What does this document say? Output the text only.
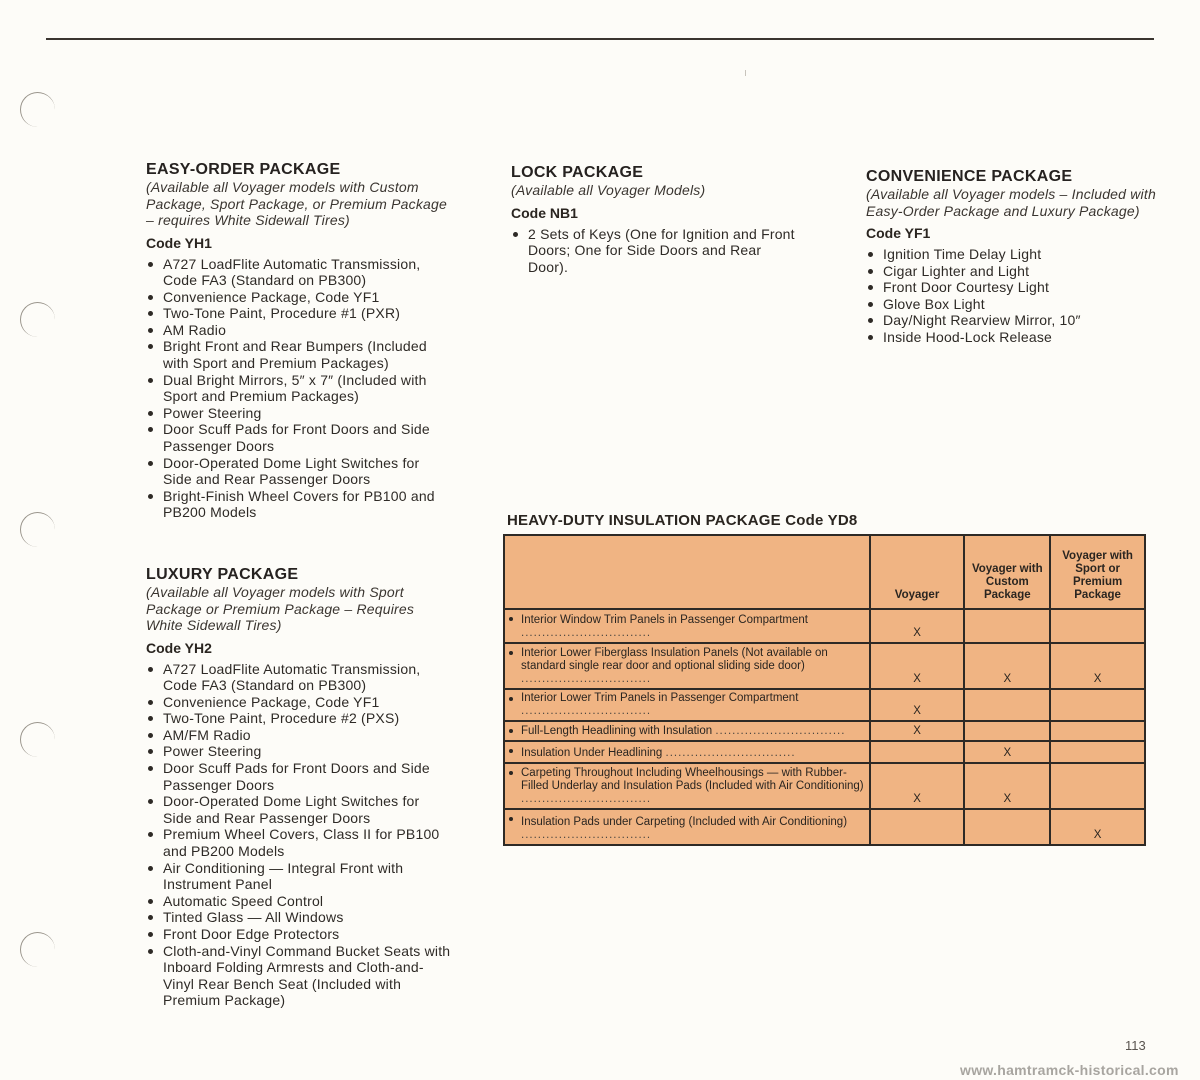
EASY-ORDER PACKAGE

(Available all Voyager models with Custom Package, Sport Package, or Premium Package – requires White Sidewall Tires)

Code YH1

A727 LoadFlite Automatic Transmission, Code FA3 (Standard on PB300)
Convenience Package, Code YF1
Two-Tone Paint, Procedure #1 (PXR)
AM Radio
Bright Front and Rear Bumpers (Included with Sport and Premium Packages)
Dual Bright Mirrors, 5″ x 7″ (Included with Sport and Premium Packages)
Power Steering
Door Scuff Pads for Front Doors and Side Passenger Doors
Door-Operated Dome Light Switches for Side and Rear Passenger Doors
Bright-Finish Wheel Covers for PB100 and PB200 Models
LUXURY PACKAGE

(Available all Voyager models with Sport Package or Premium Package – Requires White Sidewall Tires)

Code YH2

A727 LoadFlite Automatic Transmission, Code FA3 (Standard on PB300)
Convenience Package, Code YF1
Two-Tone Paint, Procedure #2 (PXS)
AM/FM Radio
Power Steering
Door Scuff Pads for Front Doors and Side Passenger Doors
Door-Operated Dome Light Switches for Side and Rear Passenger Doors
Premium Wheel Covers, Class II for PB100 and PB200 Models
Air Conditioning — Integral Front with Instrument Panel
Automatic Speed Control
Tinted Glass — All Windows
Front Door Edge Protectors
Cloth-and-Vinyl Command Bucket Seats with Inboard Folding Armrests and Cloth-and-Vinyl Rear Bench Seat (Included with Premium Package)
LOCK PACKAGE

(Available all Voyager Models)

Code NB1

2 Sets of Keys (One for Ignition and Front Doors; One for Side Doors and Rear Door).
CONVENIENCE PACKAGE

(Available all Voyager models – Included with Easy-Order Package and Luxury Package)

Code YF1

Ignition Time Delay Light
Cigar Lighter and Light
Front Door Courtesy Light
Glove Box Light
Day/Night Rearview Mirror, 10″
Inside Hood-Lock Release
HEAVY-DUTY INSULATION PACKAGE Code YD8
	Voyager	Voyager with Custom Package	Voyager with Sport or Premium Package
Interior Window Trim Panels in Passenger Compartment ...............................	X		
Interior Lower Fiberglass Insulation Panels (Not available on standard single rear door and optional sliding side door) ...............................	X	X	X
Interior Lower Trim Panels in Passenger Compartment ...............................	X		
Full-Length Headlining with Insulation ...............................	X		
Insulation Under Headlining ...............................		X	
Carpeting Throughout Including Wheelhousings — with Rubber-Filled Underlay and Insulation Pads (Included with Air Conditioning) ...............................	X	X	
Insulation Pads under Carpeting (Included with Air Conditioning) ...............................			X
113
www.hamtramck-historical.com
